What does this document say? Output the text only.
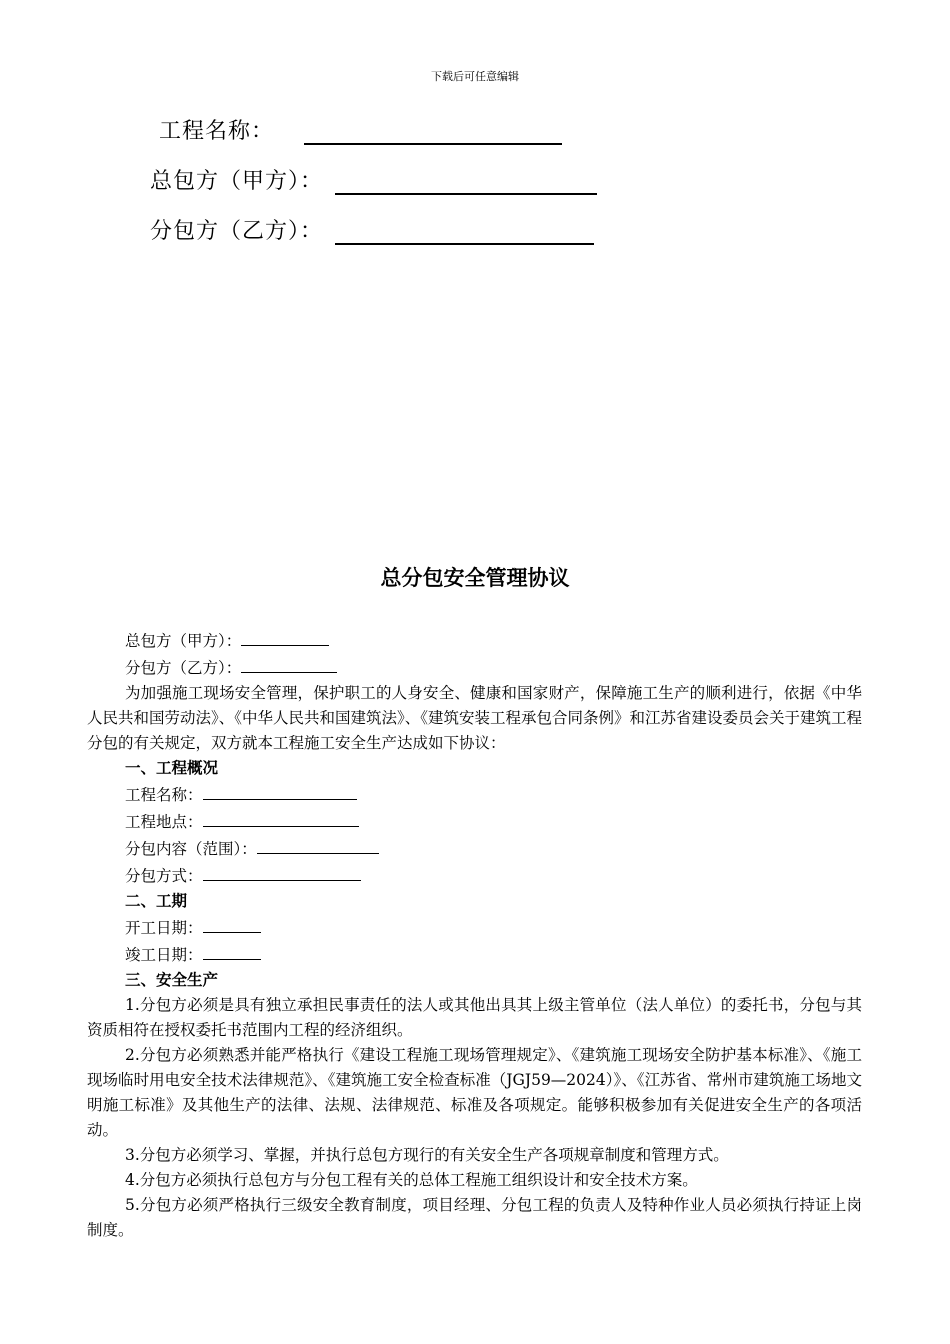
下载后可任意编辑
工程名称：
总包方（甲方）：
分包方（乙方）：
总分包安全管理协议

总包方（甲方）：

分包方（乙方）：

为加强施工现场安全管理，保护职工的人身安全、健康和国家财产，保障施工生产的顺利进行，依据《中华人民共和国劳动法》、《中华人民共和国建筑法》、《建筑安装工程承包合同条例》和江苏省建设委员会关于建筑工程分包的有关规定，双方就本工程施工安全生产达成如下协议：

一、工程概况

工程名称：

工程地点：

分包内容（范围）：

分包方式：

二、工期

开工日期：

竣工日期：

三、安全生产

1.分包方必须是具有独立承担民事责任的法人或其他出具其上级主管单位（法人单位）的委托书，分包与其资质相符在授权委托书范围内工程的经济组织。

2.分包方必须熟悉并能严格执行《建设工程施工现场管理规定》、《建筑施工现场安全防护基本标准》、《施工现场临时用电安全技术法律规范》、《建筑施工安全检查标准（JGJ59—2024）》、《江苏省、常州市建筑施工场地文明施工标准》及其他生产的法律、法规、法律规范、标准及各项规定。能够积极参加有关促进安全生产的各项活动。

3.分包方必须学习、掌握，并执行总包方现行的有关安全生产各项规章制度和管理方式。

4.分包方必须执行总包方与分包工程有关的总体工程施工组织设计和安全技术方案。

5.分包方必须严格执行三级安全教育制度，项目经理、分包工程的负责人及特种作业人员必须执行持证上岗制度。
